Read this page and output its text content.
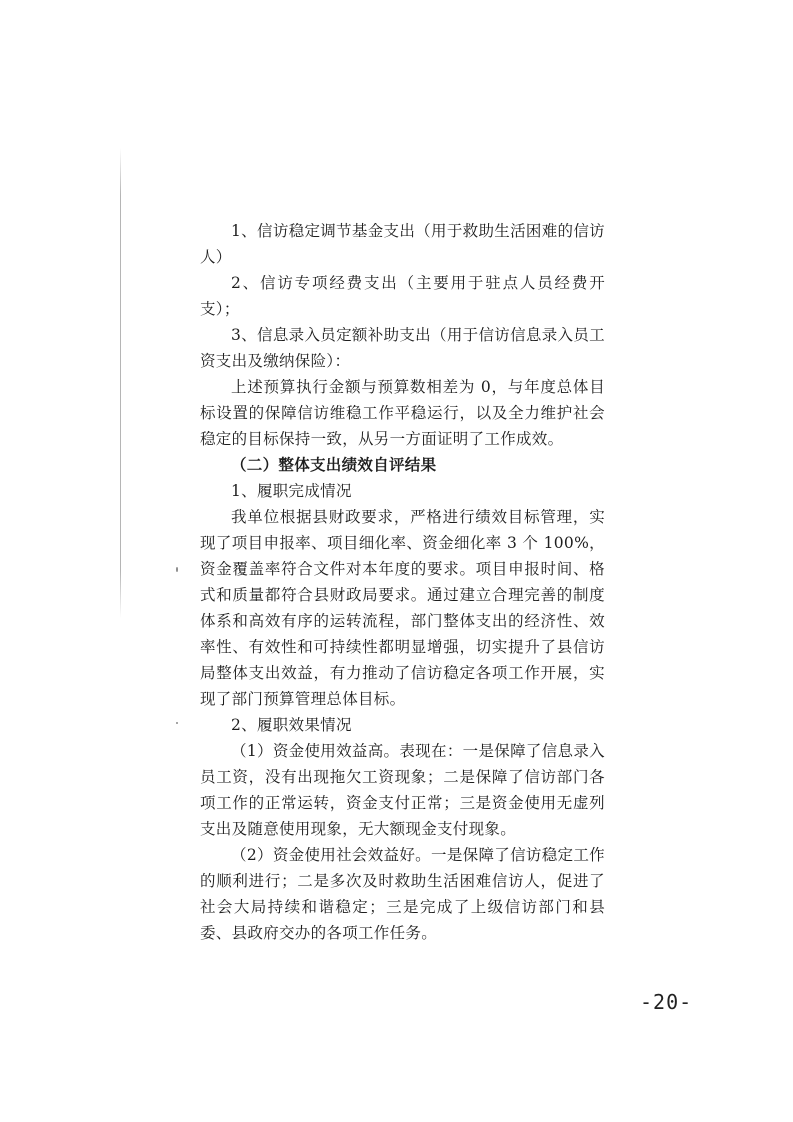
1、信访稳定调节基金支出（用于救助生活困难的信访人）

2、信访专项经费支出（主要用于驻点人员经费开支）；

3、信息录入员定额补助支出（用于信访信息录入员工资支出及缴纳保险）：

上述预算执行金额与预算数相差为 0，与年度总体目标设置的保障信访维稳工作平稳运行，以及全力维护社会稳定的目标保持一致，从另一方面证明了工作成效。

（二）整体支出绩效自评结果

1、履职完成情况

我单位根据县财政要求，严格进行绩效目标管理，实现了项目申报率、项目细化率、资金细化率 3 个 100%，资金覆盖率符合文件对本年度的要求。项目申报时间、格式和质量都符合县财政局要求。通过建立合理完善的制度体系和高效有序的运转流程，部门整体支出的经济性、效率性、有效性和可持续性都明显增强，切实提升了县信访局整体支出效益，有力推动了信访稳定各项工作开展，实现了部门预算管理总体目标。

2、履职效果情况

（1）资金使用效益高。表现在：一是保障了信息录入员工资，没有出现拖欠工资现象；二是保障了信访部门各项工作的正常运转，资金支付正常；三是资金使用无虚列支出及随意使用现象，无大额现金支付现象。

（2）资金使用社会效益好。一是保障了信访稳定工作的顺利进行；二是多次及时救助生活困难信访人，促进了社会大局持续和谐稳定；三是完成了上级信访部门和县委、县政府交办的各项工作任务。

-20-
